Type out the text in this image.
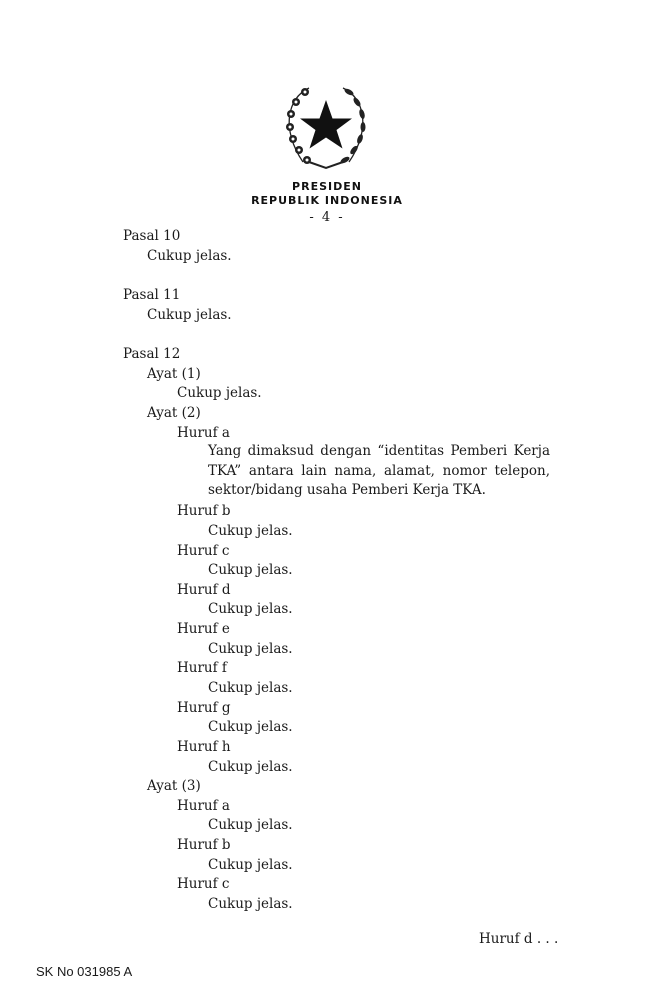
PRESIDEN
REPUBLIK INDONESIA
- 4 -
Pasal 10
Cukup jelas.
Pasal 11
Cukup jelas.
Pasal 12
Ayat (1)
Cukup jelas.
Ayat (2)
Huruf a
Yang dimaksud dengan “identitas Pemberi Kerja TKA” antara lain nama, alamat, nomor telepon, sektor/bidang usaha Pemberi Kerja TKA.
Huruf b
Cukup jelas.
Huruf c
Cukup jelas.
Huruf d
Cukup jelas.
Huruf e
Cukup jelas.
Huruf f
Cukup jelas.
Huruf g
Cukup jelas.
Huruf h
Cukup jelas.
Ayat (3)
Huruf a
Cukup jelas.
Huruf b
Cukup jelas.
Huruf c
Cukup jelas.
Huruf d . . .
SK No 031985 A
